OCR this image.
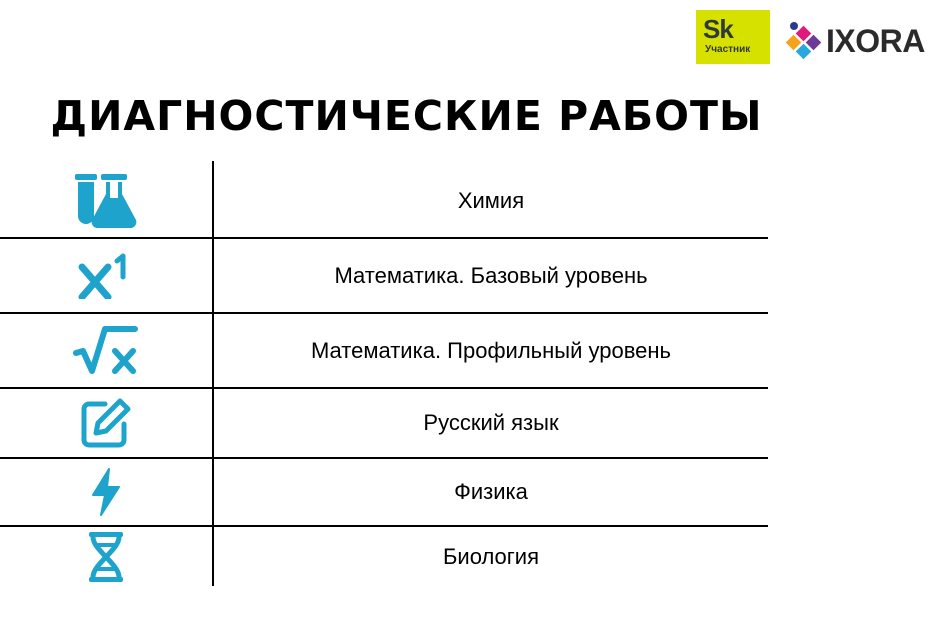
Sk
Участник IXORA
ДИАГНОСТИЧЕСКИЕ РАБОТЫ
Химия
Математика. Базовый уровень
Математика. Профильный уровень
Русский язык
Физика
Биология
